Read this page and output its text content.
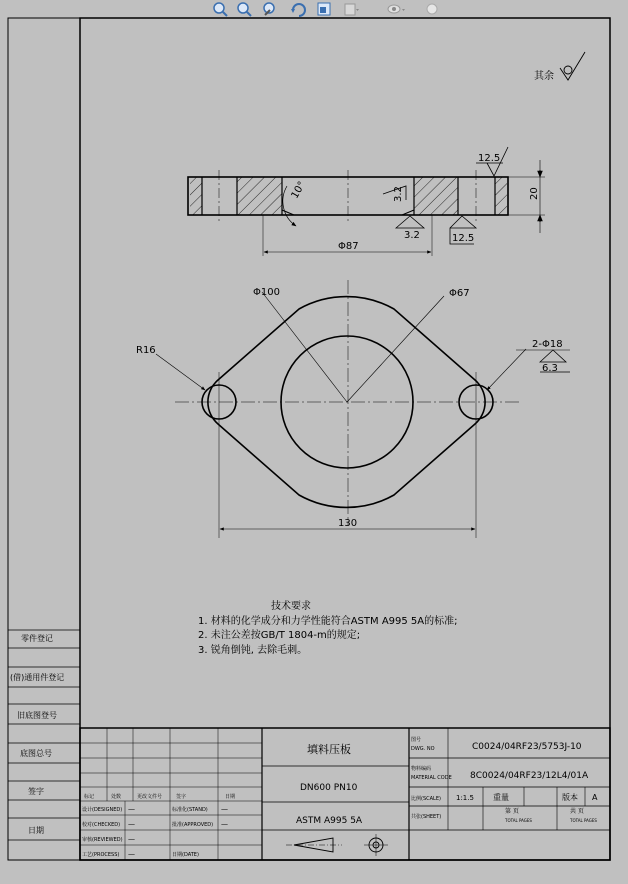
其余
20
10°
Φ87
3.2
3.2	12.5
12.5
Φ100	Φ67
R16
2-Φ18
6.3
130
技术要求
1. 材料的化学成分和力学性能符合ASTM A995 5A的标准;
2. 未注公差按GB/T 1804-m的规定;
3. 锐角倒钝, 去除毛刺。
零件登记
(借)通用件登记
旧底图登号
底图总号
签字
日期
标记	处数	更改文件号	签字	日期
设计(DESIGNED) —	标准化(STAND) —
校对(CHECKED) —	批准(APPROVED) —
审核(REVIEWED) —
工艺(PROCESS) —	日期(DATE)
填料压板
DN600 PN10
ASTM A995 5A
图号
DWG. NO	C0024/04RF23/5753J-10
物料编码
MATERIAL CODE 8C0024/04RF23/12L4/01A
比例(SCALE) 1:1.5 重量	版本 A
共张(SHEET)
第 页	共 页
TOTAL PAGES	TOTAL PAGES
